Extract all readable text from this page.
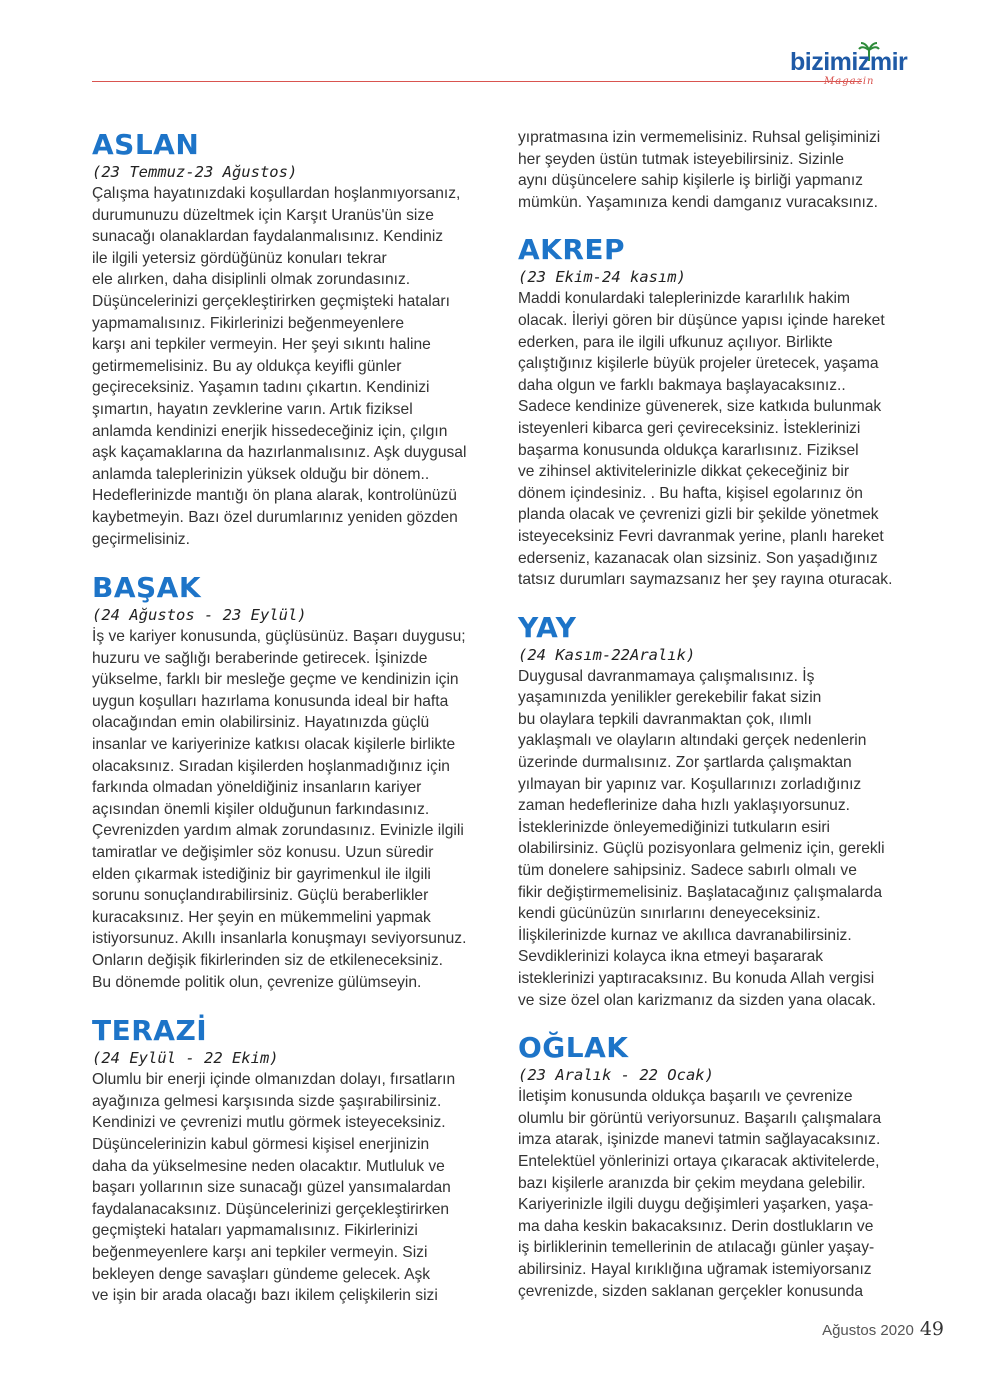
bizimizmir
Magazin
ASLAN

(23 Temmuz-23 Ağustos)

Çalışma hayatınızdaki koşullardan hoşlanmıyorsanız,
durumunuzu düzeltmek için Karşıt Uranüs'ün size
sunacağı olanaklardan faydalanmalısınız. Kendiniz
ile ilgili yetersiz gördüğünüz konuları tekrar
ele alırken, daha disiplinli olmak zorundasınız.
Düşüncelerinizi gerçekleştirirken geçmişteki hataları
yapmamalısınız. Fikirlerinizi beğenmeyenlere
karşı ani tepkiler vermeyin. Her şeyi sıkıntı haline
getirmemelisiniz. Bu ay oldukça keyifli günler
geçireceksiniz. Yaşamın tadını çıkartın. Kendinizi
şımartın, hayatın zevklerine varın. Artık fiziksel
anlamda kendinizi enerjik hissedeceğiniz için, çılgın
aşk kaçamaklarına da hazırlanmalısınız. Aşk duygusal
anlamda taleplerinizin yüksek olduğu bir dönem..
Hedeflerinizde mantığı ön plana alarak, kontrolünüzü
kaybetmeyin. Bazı özel durumlarınız yeniden gözden
geçirmelisiniz.

BAŞAK

(24 Ağustos - 23 Eylül)

İş ve kariyer konusunda, güçlüsünüz. Başarı duygusu;
huzuru ve sağlığı beraberinde getirecek. İşinizde
yükselme, farklı bir mesleğe geçme ve kendinizin için
uygun koşulları hazırlama konusunda ideal bir hafta
olacağından emin olabilirsiniz. Hayatınızda güçlü
insanlar ve kariyerinize katkısı olacak kişilerle birlikte
olacaksınız. Sıradan kişilerden hoşlanmadığınız için
farkında olmadan yöneldiğiniz insanların kariyer
açısından önemli kişiler olduğunun farkındasınız.
Çevrenizden yardım almak zorundasınız. Evinizle ilgili
tamiratlar ve değişimler söz konusu. Uzun süredir
elden çıkarmak istediğiniz bir gayrimenkul ile ilgili
sorunu sonuçlandırabilirsiniz. Güçlü beraberlikler
kuracaksınız. Her şeyin en mükemmelini yapmak
istiyorsunuz. Akıllı insanlarla konuşmayı seviyorsunuz.
Onların değişik fikirlerinden siz de etkileneceksiniz.
Bu dönemde politik olun, çevrenize gülümseyin.

TERAZİ

(24 Eylül - 22 Ekim)

Olumlu bir enerji içinde olmanızdan dolayı, fırsatların
ayağınıza gelmesi karşısında sizde şaşırabilirsiniz.
Kendinizi ve çevrenizi mutlu görmek isteyeceksiniz.
Düşüncelerinizin kabul görmesi kişisel enerjinizin
daha da yükselmesine neden olacaktır. Mutluluk ve
başarı yollarının size sunacağı güzel yansımalardan
faydalanacaksınız. Düşüncelerinizi gerçekleştirirken
geçmişteki hataları yapmamalısınız. Fikirlerinizi
beğenmeyenlere karşı ani tepkiler vermeyin. Sizi
bekleyen denge savaşları gündeme gelecek. Aşk
ve işin bir arada olacağı bazı ikilem çelişkilerin sizi

yıpratmasına izin vermemelisiniz. Ruhsal gelişiminizi
her şeyden üstün tutmak isteyebilirsiniz. Sizinle
aynı düşüncelere sahip kişilerle iş birliği yapmanız
mümkün. Yaşamınıza kendi damganız vuracaksınız.

AKREP

(23 Ekim-24 kasım)

Maddi konulardaki taleplerinizde kararlılık hakim
olacak. İleriyi gören bir düşünce yapısı içinde hareket
ederken, para ile ilgili ufkunuz açılıyor. Birlikte
çalıştığınız kişilerle büyük projeler üretecek, yaşama
daha olgun ve farklı bakmaya başlayacaksınız..
Sadece kendinize güvenerek, size katkıda bulunmak
isteyenleri kibarca geri çevireceksiniz. İsteklerinizi
başarma konusunda oldukça kararlısınız. Fiziksel
ve zihinsel aktivitelerinizle dikkat çekeceğiniz bir
dönem içindesiniz. . Bu hafta, kişisel egolarınız ön
planda olacak ve çevrenizi gizli bir şekilde yönetmek
isteyeceksiniz Fevri davranmak yerine, planlı hareket
ederseniz, kazanacak olan sizsiniz. Son yaşadığınız
tatsız durumları saymazsanız her şey rayına oturacak.

YAY

(24 Kasım-22Aralık)

Duygusal davranmamaya çalışmalısınız. İş
yaşamınızda yenilikler gerekebilir fakat sizin
bu olaylara tepkili davranmaktan çok, ılımlı
yaklaşmalı ve olayların altındaki gerçek nedenlerin
üzerinde durmalısınız. Zor şartlarda çalışmaktan
yılmayan bir yapınız var. Koşullarınızı zorladığınız
zaman hedeflerinize daha hızlı yaklaşıyorsunuz.
İsteklerinizde önleyemediğinizi tutkuların esiri
olabilirsiniz. Güçlü pozisyonlara gelmeniz için, gerekli
tüm donelere sahipsiniz. Sadece sabırlı olmalı ve
fikir değiştirmemelisiniz. Başlatacağınız çalışmalarda
kendi gücünüzün sınırlarını deneyeceksiniz.
İlişkilerinizde kurnaz ve akıllıca davranabilirsiniz.
Sevdiklerinizi kolayca ikna etmeyi başararak
isteklerinizi yaptıracaksınız. Bu konuda Allah vergisi
ve size özel olan karizmanız da sizden yana olacak.

OĞLAK

(23 Aralık - 22 Ocak)

İletişim konusunda oldukça başarılı ve çevrenize
olumlu bir görüntü veriyorsunuz. Başarılı çalışmalara
imza atarak, işinizde manevi tatmin sağlayacaksınız.
Entelektüel yönlerinizi ortaya çıkaracak aktivitelerde,
bazı kişilerle aranızda bir çekim meydana gelebilir.
Kariyerinizle ilgili duygu değişimleri yaşarken, yaşa-
ma daha keskin bakacaksınız. Derin dostlukların ve
iş birliklerinin temellerinin de atılacağı günler yaşay-
abilirsiniz. Hayal kırıklığına uğramak istemiyorsanız
çevrenizde, sizden saklanan gerçekler konusunda

Ağustos 2020 49
